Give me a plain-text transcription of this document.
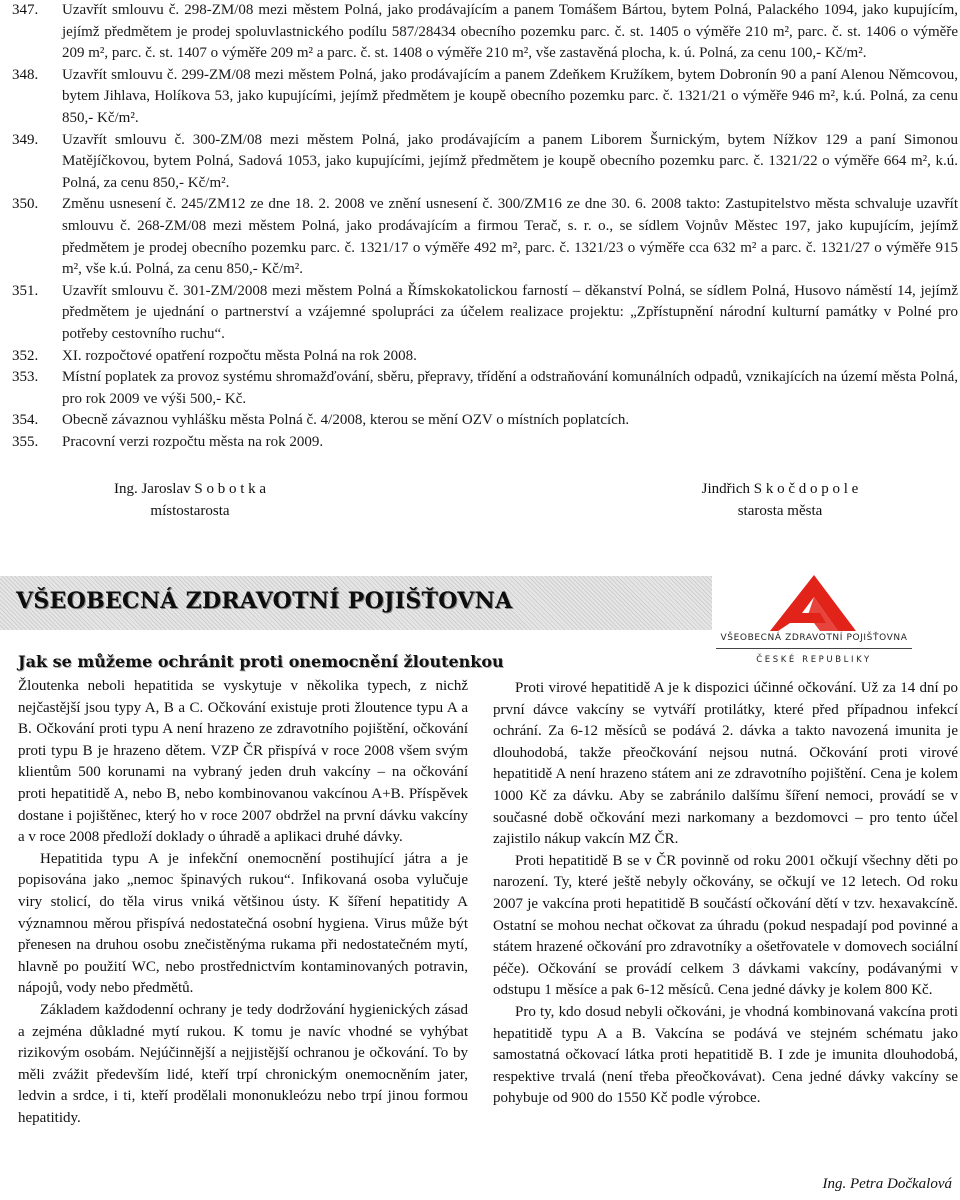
347.	Uzavřít smlouvu č. 298-ZM/08 mezi městem Polná, jako prodávajícím a panem Tomášem Bártou, bytem Polná, Palackého 1094, jako kupujícím, jejímž předmětem je prodej spoluvlastnického podílu 587/28434 obecního pozemku parc. č. st. 1405 o výměře 210 m², parc. č. st. 1406 o výměře 209 m², parc. č. st. 1407 o výměře 209 m² a parc. č. st. 1408 o výměře 210 m², vše zastavěná plocha, k. ú. Polná, za cenu 100,- Kč/m².
348.	Uzavřít smlouvu č. 299-ZM/08 mezi městem Polná, jako prodávajícím a panem Zdeňkem Kružíkem, bytem Dobronín 90 a paní Alenou Němcovou, bytem Jihlava, Holíkova 53, jako kupujícími, jejímž předmětem je koupě obecního pozemku parc. č. 1321/21 o výměře 946 m², k.ú. Polná, za cenu 850,- Kč/m².
349.	Uzavřít smlouvu č. 300-ZM/08 mezi městem Polná, jako prodávajícím a panem Liborem Šurnickým, bytem Nížkov 129 a paní Simonou Matějíčkovou, bytem Polná, Sadová 1053, jako kupujícími, jejímž předmětem je koupě obecního pozemku parc. č. 1321/22 o výměře 664 m², k.ú. Polná, za cenu 850,- Kč/m².
350.	Změnu usnesení č. 245/ZM12 ze dne 18. 2. 2008 ve znění usnesení č. 300/ZM16 ze dne 30. 6. 2008 takto: Zastupitelstvo města schvaluje uzavřít smlouvu č. 268-ZM/08 mezi městem Polná, jako prodávajícím a firmou Terač, s. r. o., se sídlem Vojnův Městec 197, jako kupujícím, jejímž předmětem je prodej obecního pozemku parc. č. 1321/17 o výměře 492 m², parc. č. 1321/23 o výměře cca 632 m² a parc. č. 1321/27 o výměře 915 m², vše k.ú. Polná, za cenu 850,- Kč/m².
351.	Uzavřít smlouvu č. 301-ZM/2008 mezi městem Polná a Římskokatolickou farností – děkanství Polná, se sídlem Polná, Husovo náměstí 14, jejímž předmětem je ujednání o partnerství a vzájemné spolupráci za účelem realizace projektu: „Zpřístupnění národní kulturní památky v Polné pro potřeby cestovního ruchu“.
352.	XI. rozpočtové opatření rozpočtu města Polná na rok 2008.
353.	Místní poplatek za provoz systému shromažďování, sběru, přepravy, třídění a odstraňování komunálních odpadů, vznikajících na území města Polná, pro rok 2009 ve výši 500,- Kč.
354.	Obecně závaznou vyhlášku města Polná č. 4/2008, kterou se mění OZV o místních poplatcích.
355.	Pracovní verzi rozpočtu města na rok 2009.
Ing. Jaroslav S o b o t k a
místostarosta
Jindřich S k o č d o p o l e
starosta města
VŠEOBECNÁ ZDRAVOTNÍ POJIŠŤOVNA
VŠEOBECNÁ ZDRAVOTNÍ POJIŠŤOVNA
ČESKÉ REPUBLIKY
Jak se můžeme ochránit proti onemocnění žloutenkou

Žloutenka neboli hepatitida se vyskytuje v několika typech, z nichž nejčastější jsou typy A, B a C. Očkování existuje proti žloutence typu A a B. Očkování proti typu A není hrazeno ze zdravotního pojištění, očkování proti typu B je hrazeno dětem. VZP ČR přispívá v roce 2008 všem svým klientům 500 korunami na vybraný jeden druh vakcíny – na očkování proti hepatitidě A, nebo B, nebo kombinovanou vakcínou A+B. Příspěvek dostane i pojištěnec, který ho v roce 2007 obdržel na první dávku vakcíny a v roce 2008 předloží doklady o úhradě a aplikaci druhé dávky.

Hepatitida typu A je infekční onemocnění postihující játra a je popisována jako „nemoc špinavých rukou“. Infikovaná osoba vylučuje viry stolicí, do těla virus vniká většinou ústy. K šíření hepatitidy A významnou měrou přispívá nedostatečná osobní hygiena. Virus může být přenesen na druhou osobu znečistěnýma rukama při nedostatečném mytí, hlavně po použití WC, nebo prostřednictvím kontaminovaných potravin, nápojů, vody nebo předmětů.

Základem každodenní ochrany je tedy dodržování hygienických zásad a zejména důkladné mytí rukou. K tomu je navíc vhodné se vyhýbat rizikovým osobám. Nejúčinnější a nejjistější ochranou je očkování. To by měli zvážit především lidé, kteří trpí chronickým onemocněním jater, ledvin a srdce, i ti, kteří prodělali mononukleózu nebo trpí jinou formou hepatitidy.

Proti virové hepatitidě A je k dispozici účinné očkování. Už za 14 dní po první dávce vakcíny se vytváří protilátky, které před případnou infekcí ochrání. Za 6-12 měsíců se podává 2. dávka a takto navozená imunita je dlouhodobá, takže přeočkování nejsou nutná. Očkování proti virové hepatitidě A není hrazeno státem ani ze zdravotního pojištění. Cena je kolem 1000 Kč za dávku. Aby se zabránilo dalšímu šíření nemoci, provádí se v současné době očkování mezi narkomany a bezdomovci – pro tento účel zajistilo nákup vakcín MZ ČR.

Proti hepatitidě B se v ČR povinně od roku 2001 očkují všechny děti po narození. Ty, které ještě nebyly očkovány, se očkují ve 12 letech. Od roku 2007 je vakcína proti hepatitidě B součástí očkování dětí v tzv. hexavakcíně. Ostatní se mohou nechat očkovat za úhradu (pokud nespadají pod povinné a státem hrazené očkování pro zdravotníky a ošetřovatele v domovech sociální péče). Očkování se provádí celkem 3 dávkami vakcíny, podávanými v odstupu 1 měsíce a pak 6-12 měsíců. Cena jedné dávky je kolem 800 Kč.

Pro ty, kdo dosud nebyli očkováni, je vhodná kombinovaná vakcína proti hepatitidě typu A a B. Vakcína se podává ve stejném schématu jako samostatná očkovací látka proti hepatitidě B. I zde je imunita dlouhodobá, respektive trvalá (není třeba přeočkovávat). Cena jedné dávky vakcíny se pohybuje od 900 do 1550 Kč podle výrobce.

Ing. Petra Dočkalová
